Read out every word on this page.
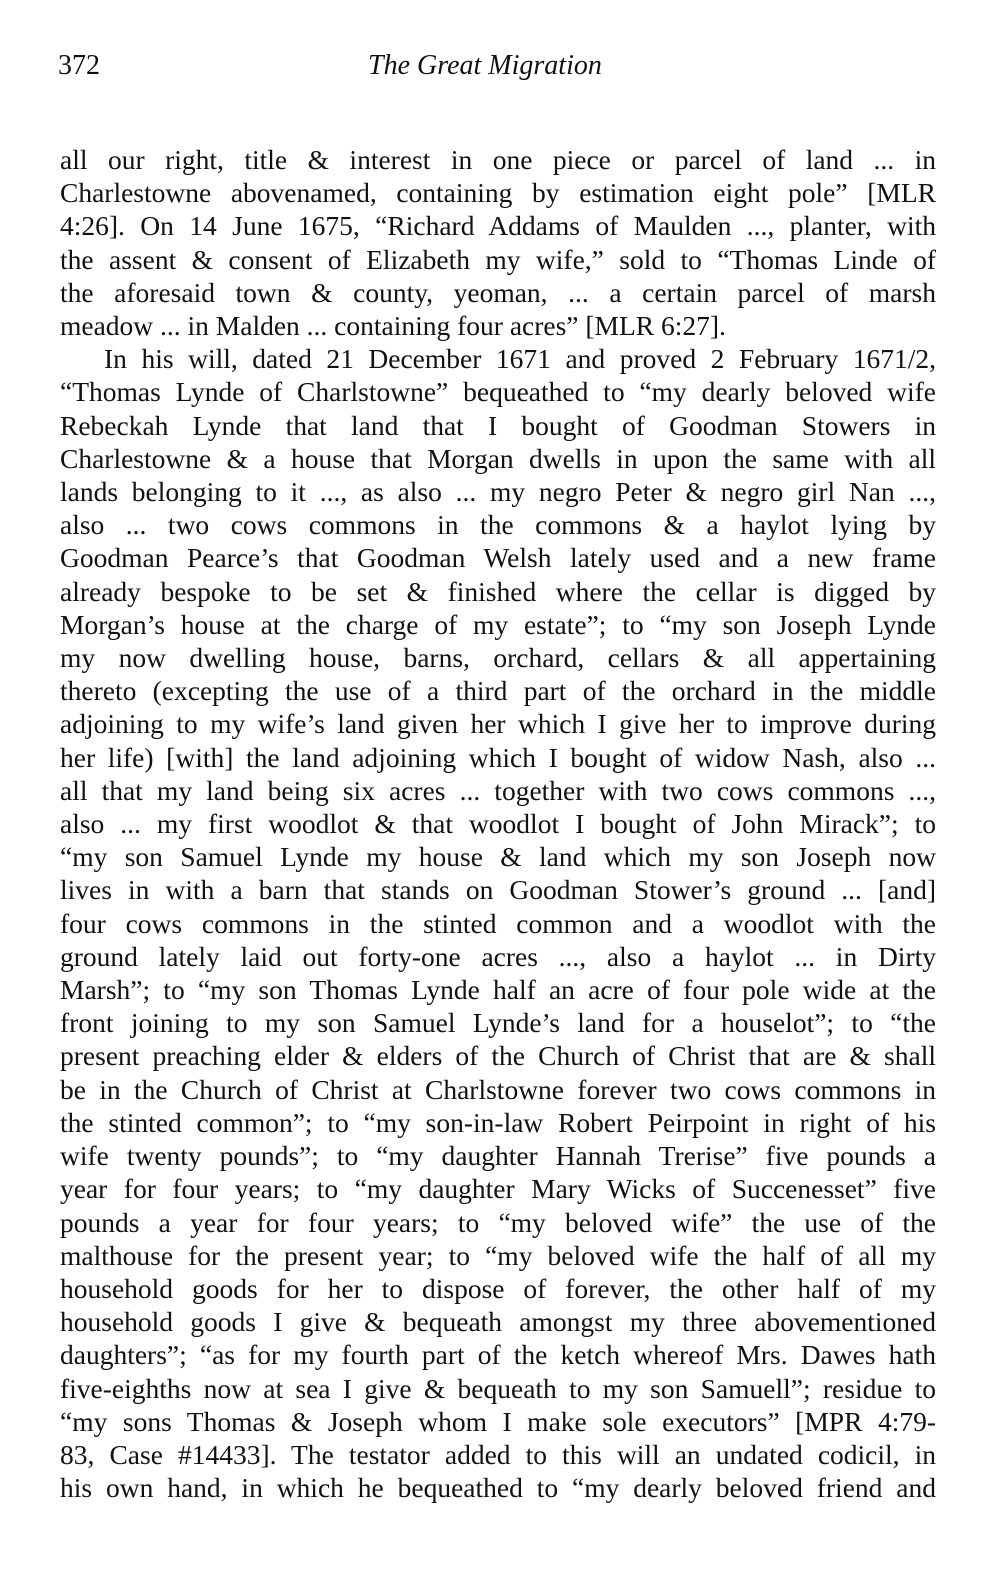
372	The Great Migration
all our right, title & interest in one piece or parcel of land ... in
Charlestowne abovenamed, containing by estimation eight pole” [MLR
4:26]. On 14 June 1675, “Richard Addams of Maulden ..., planter, with
the assent & consent of Elizabeth my wife,” sold to “Thomas Linde of
the aforesaid town & county, yeoman, ... a certain parcel of marsh
meadow ... in Malden ... containing four acres” [MLR 6:27].
In his will, dated 21 December 1671 and proved 2 February 1671/2,
“Thomas Lynde of Charlstowne” bequeathed to “my dearly beloved wife
Rebeckah Lynde that land that I bought of Goodman Stowers in
Charlestowne & a house that Morgan dwells in upon the same with all
lands belonging to it ..., as also ... my negro Peter & negro girl Nan ...,
also ... two cows commons in the commons & a haylot lying by
Goodman Pearce’s that Goodman Welsh lately used and a new frame
already bespoke to be set & finished where the cellar is digged by
Morgan’s house at the charge of my estate”; to “my son Joseph Lynde
my now dwelling house, barns, orchard, cellars & all appertaining
thereto (excepting the use of a third part of the orchard in the middle
adjoining to my wife’s land given her which I give her to improve during
her life) [with] the land adjoining which I bought of widow Nash, also ...
all that my land being six acres ... together with two cows commons ...,
also ... my first woodlot & that woodlot I bought of John Mirack”; to
“my son Samuel Lynde my house & land which my son Joseph now
lives in with a barn that stands on Goodman Stower’s ground ... [and]
four cows commons in the stinted common and a woodlot with the
ground lately laid out forty-one acres ..., also a haylot ... in Dirty
Marsh”; to “my son Thomas Lynde half an acre of four pole wide at the
front joining to my son Samuel Lynde’s land for a houselot”; to “the
present preaching elder & elders of the Church of Christ that are & shall
be in the Church of Christ at Charlstowne forever two cows commons in
the stinted common”; to “my son-in-law Robert Peirpoint in right of his
wife twenty pounds”; to “my daughter Hannah Trerise” five pounds a
year for four years; to “my daughter Mary Wicks of Succenesset” five
pounds a year for four years; to “my beloved wife” the use of the
malthouse for the present year; to “my beloved wife the half of all my
household goods for her to dispose of forever, the other half of my
household goods I give & bequeath amongst my three abovementioned
daughters”; “as for my fourth part of the ketch whereof Mrs. Dawes hath
five-eighths now at sea I give & bequeath to my son Samuell”; residue to
“my sons Thomas & Joseph whom I make sole executors” [MPR 4:79-
83, Case #14433]. The testator added to this will an undated codicil, in
his own hand, in which he bequeathed to “my dearly beloved friend and
